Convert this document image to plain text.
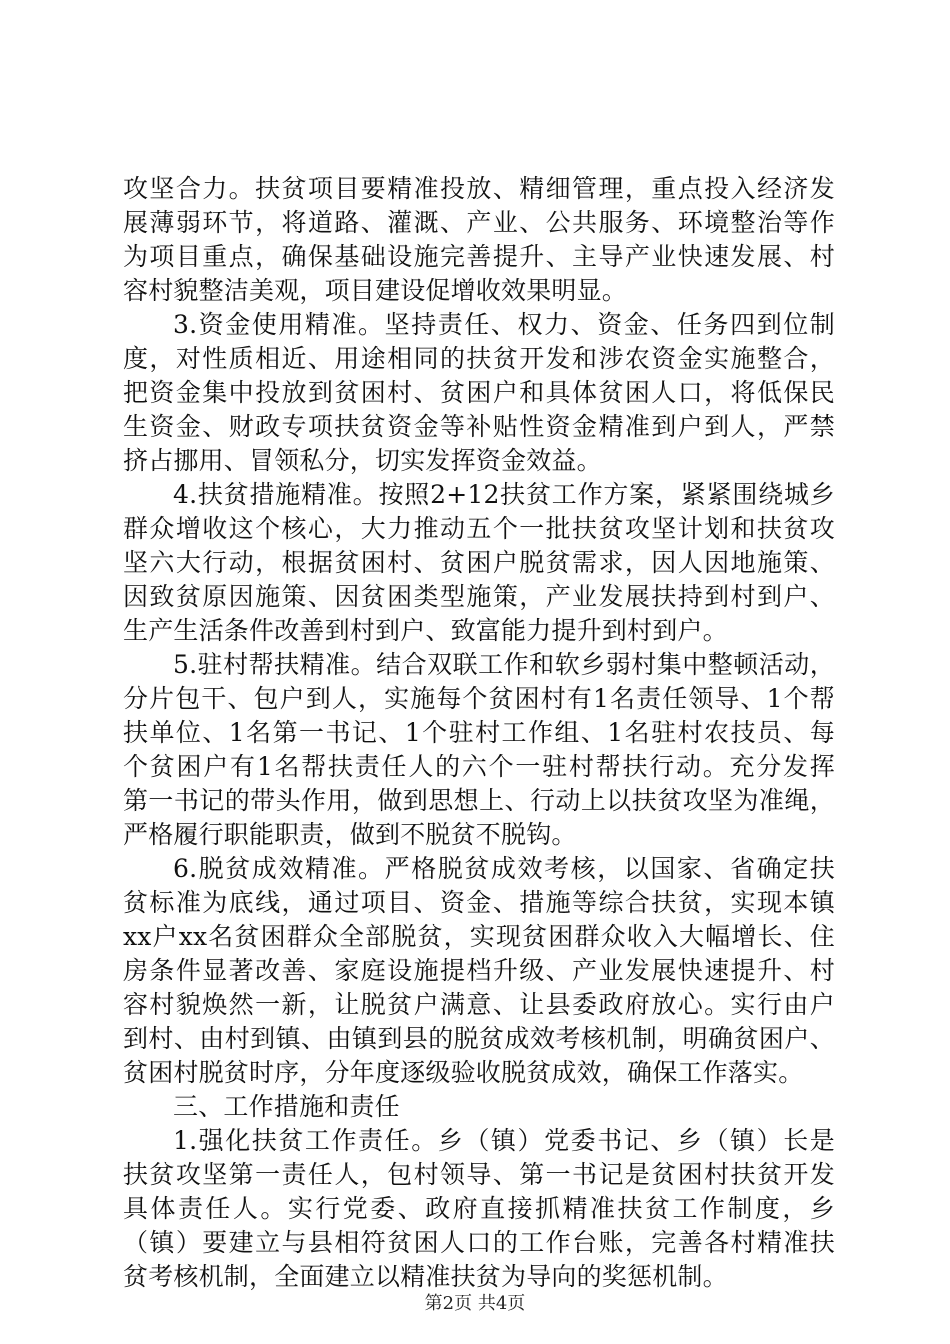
攻坚合力。扶贫项目要精准投放、精细管理，重点投入经济发
展薄弱环节，将道路、灌溉、产业、公共服务、环境整治等作
为项目重点，确保基础设施完善提升、主导产业快速发展、村
容村貌整洁美观，项目建设促增收效果明显。
3.资金使用精准。坚持责任、权力、资金、任务四到位制
度，对性质相近、用途相同的扶贫开发和涉农资金实施整合，
把资金集中投放到贫困村、贫困户和具体贫困人口，将低保民
生资金、财政专项扶贫资金等补贴性资金精准到户到人，严禁
挤占挪用、冒领私分，切实发挥资金效益。
4.扶贫措施精准。按照2+12扶贫工作方案，紧紧围绕城乡
群众增收这个核心，大力推动五个一批扶贫攻坚计划和扶贫攻
坚六大行动，根据贫困村、贫困户脱贫需求，因人因地施策、
因致贫原因施策、因贫困类型施策，产业发展扶持到村到户、
生产生活条件改善到村到户、致富能力提升到村到户。
5.驻村帮扶精准。结合双联工作和软乡弱村集中整顿活动，
分片包干、包户到人，实施每个贫困村有1名责任领导、1个帮
扶单位、1名第一书记、1个驻村工作组、1名驻村农技员、每
个贫困户有1名帮扶责任人的六个一驻村帮扶行动。充分发挥
第一书记的带头作用，做到思想上、行动上以扶贫攻坚为准绳，
严格履行职能职责，做到不脱贫不脱钩。
6.脱贫成效精准。严格脱贫成效考核，以国家、省确定扶
贫标准为底线，通过项目、资金、措施等综合扶贫，实现本镇
xx户xx名贫困群众全部脱贫，实现贫困群众收入大幅增长、住
房条件显著改善、家庭设施提档升级、产业发展快速提升、村
容村貌焕然一新，让脱贫户满意、让县委政府放心。实行由户
到村、由村到镇、由镇到县的脱贫成效考核机制，明确贫困户、
贫困村脱贫时序，分年度逐级验收脱贫成效，确保工作落实。
三、工作措施和责任
1.强化扶贫工作责任。乡（镇）党委书记、乡（镇）长是
扶贫攻坚第一责任人，包村领导、第一书记是贫困村扶贫开发
具体责任人。实行党委、政府直接抓精准扶贫工作制度，乡
（镇）要建立与县相符贫困人口的工作台账，完善各村精准扶
贫考核机制，全面建立以精准扶贫为导向的奖惩机制。
第2页 共4页
